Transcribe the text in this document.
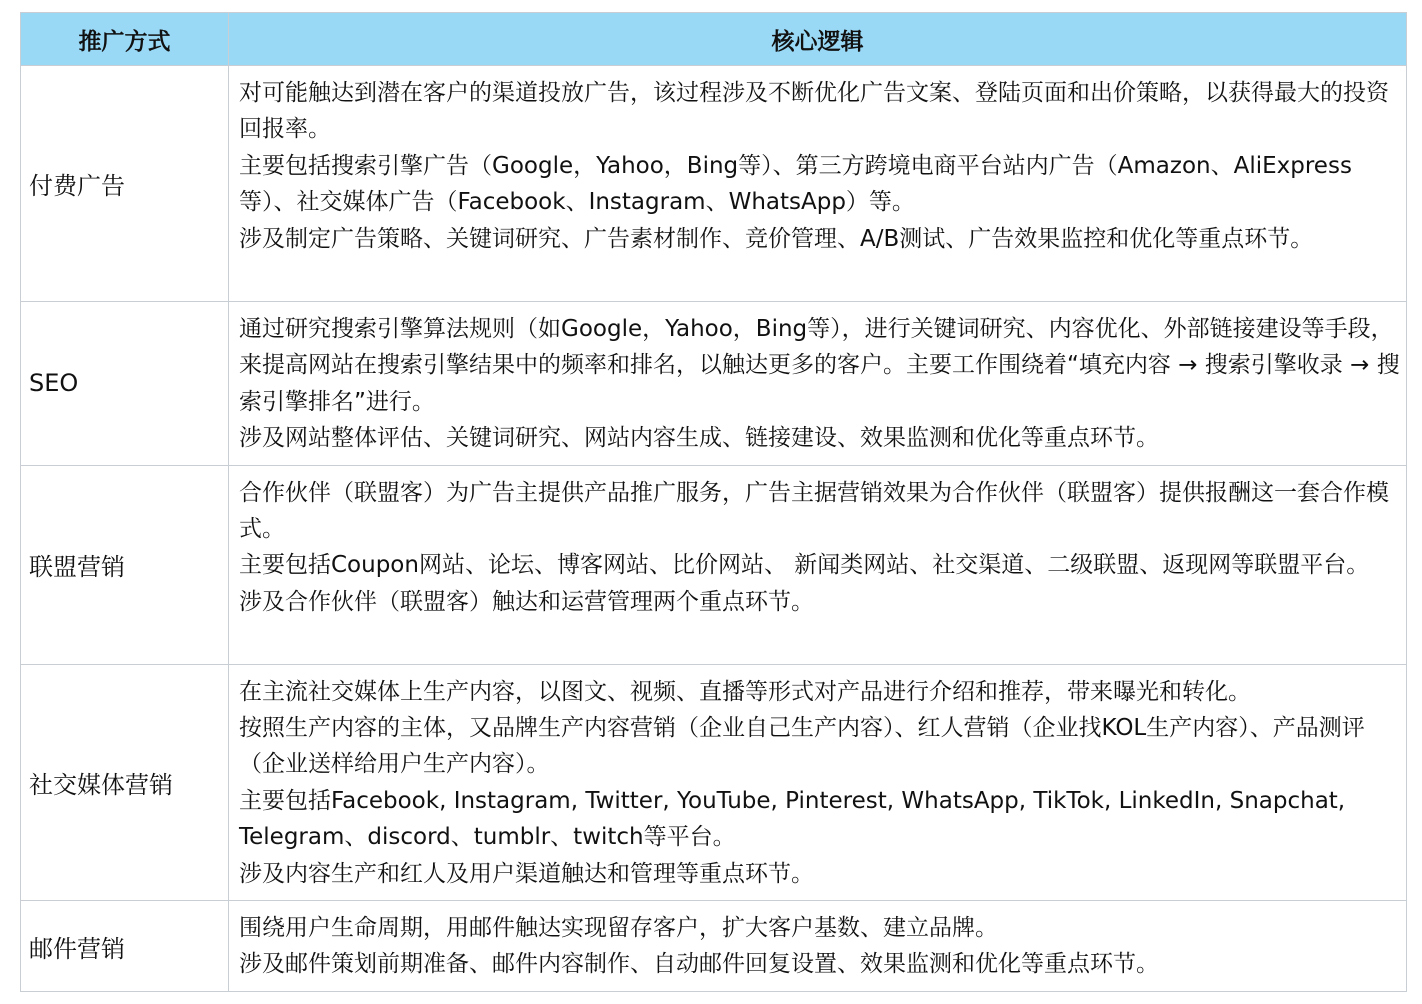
推广方式	核心逻辑
付费广告	对可能触达到潜在客户的渠道投放广告，该过程涉及不断优化广告文案、登陆页面和出价策略，以获得最大的投资回报率。
主要包括搜索引擎广告（Google，Yahoo，Bing等）、第三方跨境电商平台站内广告（Amazon、AliExpress等）、社交媒体广告（Facebook、Instagram、WhatsApp）等。
涉及制定广告策略、关键词研究、广告素材制作、竞价管理、A/B测试、广告效果监控和优化等重点环节。

SEO	通过研究搜索引擎算法规则（如Google，Yahoo，Bing等），进行关键词研究、内容优化、外部链接建设等手段，来提高网站在搜索引擎结果中的频率和排名，以触达更多的客户。主要工作围绕着“填充内容 → 搜索引擎收录 → 搜索引擎排名”进行。
涉及网站整体评估、关键词研究、网站内容生成、链接建设、效果监测和优化等重点环节。

联盟营销	合作伙伴（联盟客）为广告主提供产品推广服务，广告主据营销效果为合作伙伴（联盟客）提供报酬这一套合作模式。
主要包括Coupon网站、论坛、博客网站、比价网站、 新闻类网站、社交渠道、二级联盟、返现网等联盟平台。
涉及合作伙伴（联盟客）触达和运营管理两个重点环节。

社交媒体营销	在主流社交媒体上生产内容，以图文、视频、直播等形式对产品进行介绍和推荐，带来曝光和转化。
按照生产内容的主体，又品牌生产内容营销（企业自己生产内容）、红人营销（企业找KOL生产内容）、产品测评（企业送样给用户生产内容）。
主要包括Facebook, Instagram, Twitter, YouTube, Pinterest, WhatsApp, TikTok, LinkedIn, Snapchat, Telegram、discord、tumblr、twitch等平台。
涉及内容生产和红人及用户渠道触达和管理等重点环节。

邮件营销	围绕用户生命周期，用邮件触达实现留存客户，扩大客户基数、建立品牌。
涉及邮件策划前期准备、邮件内容制作、自动邮件回复设置、效果监测和优化等重点环节。
